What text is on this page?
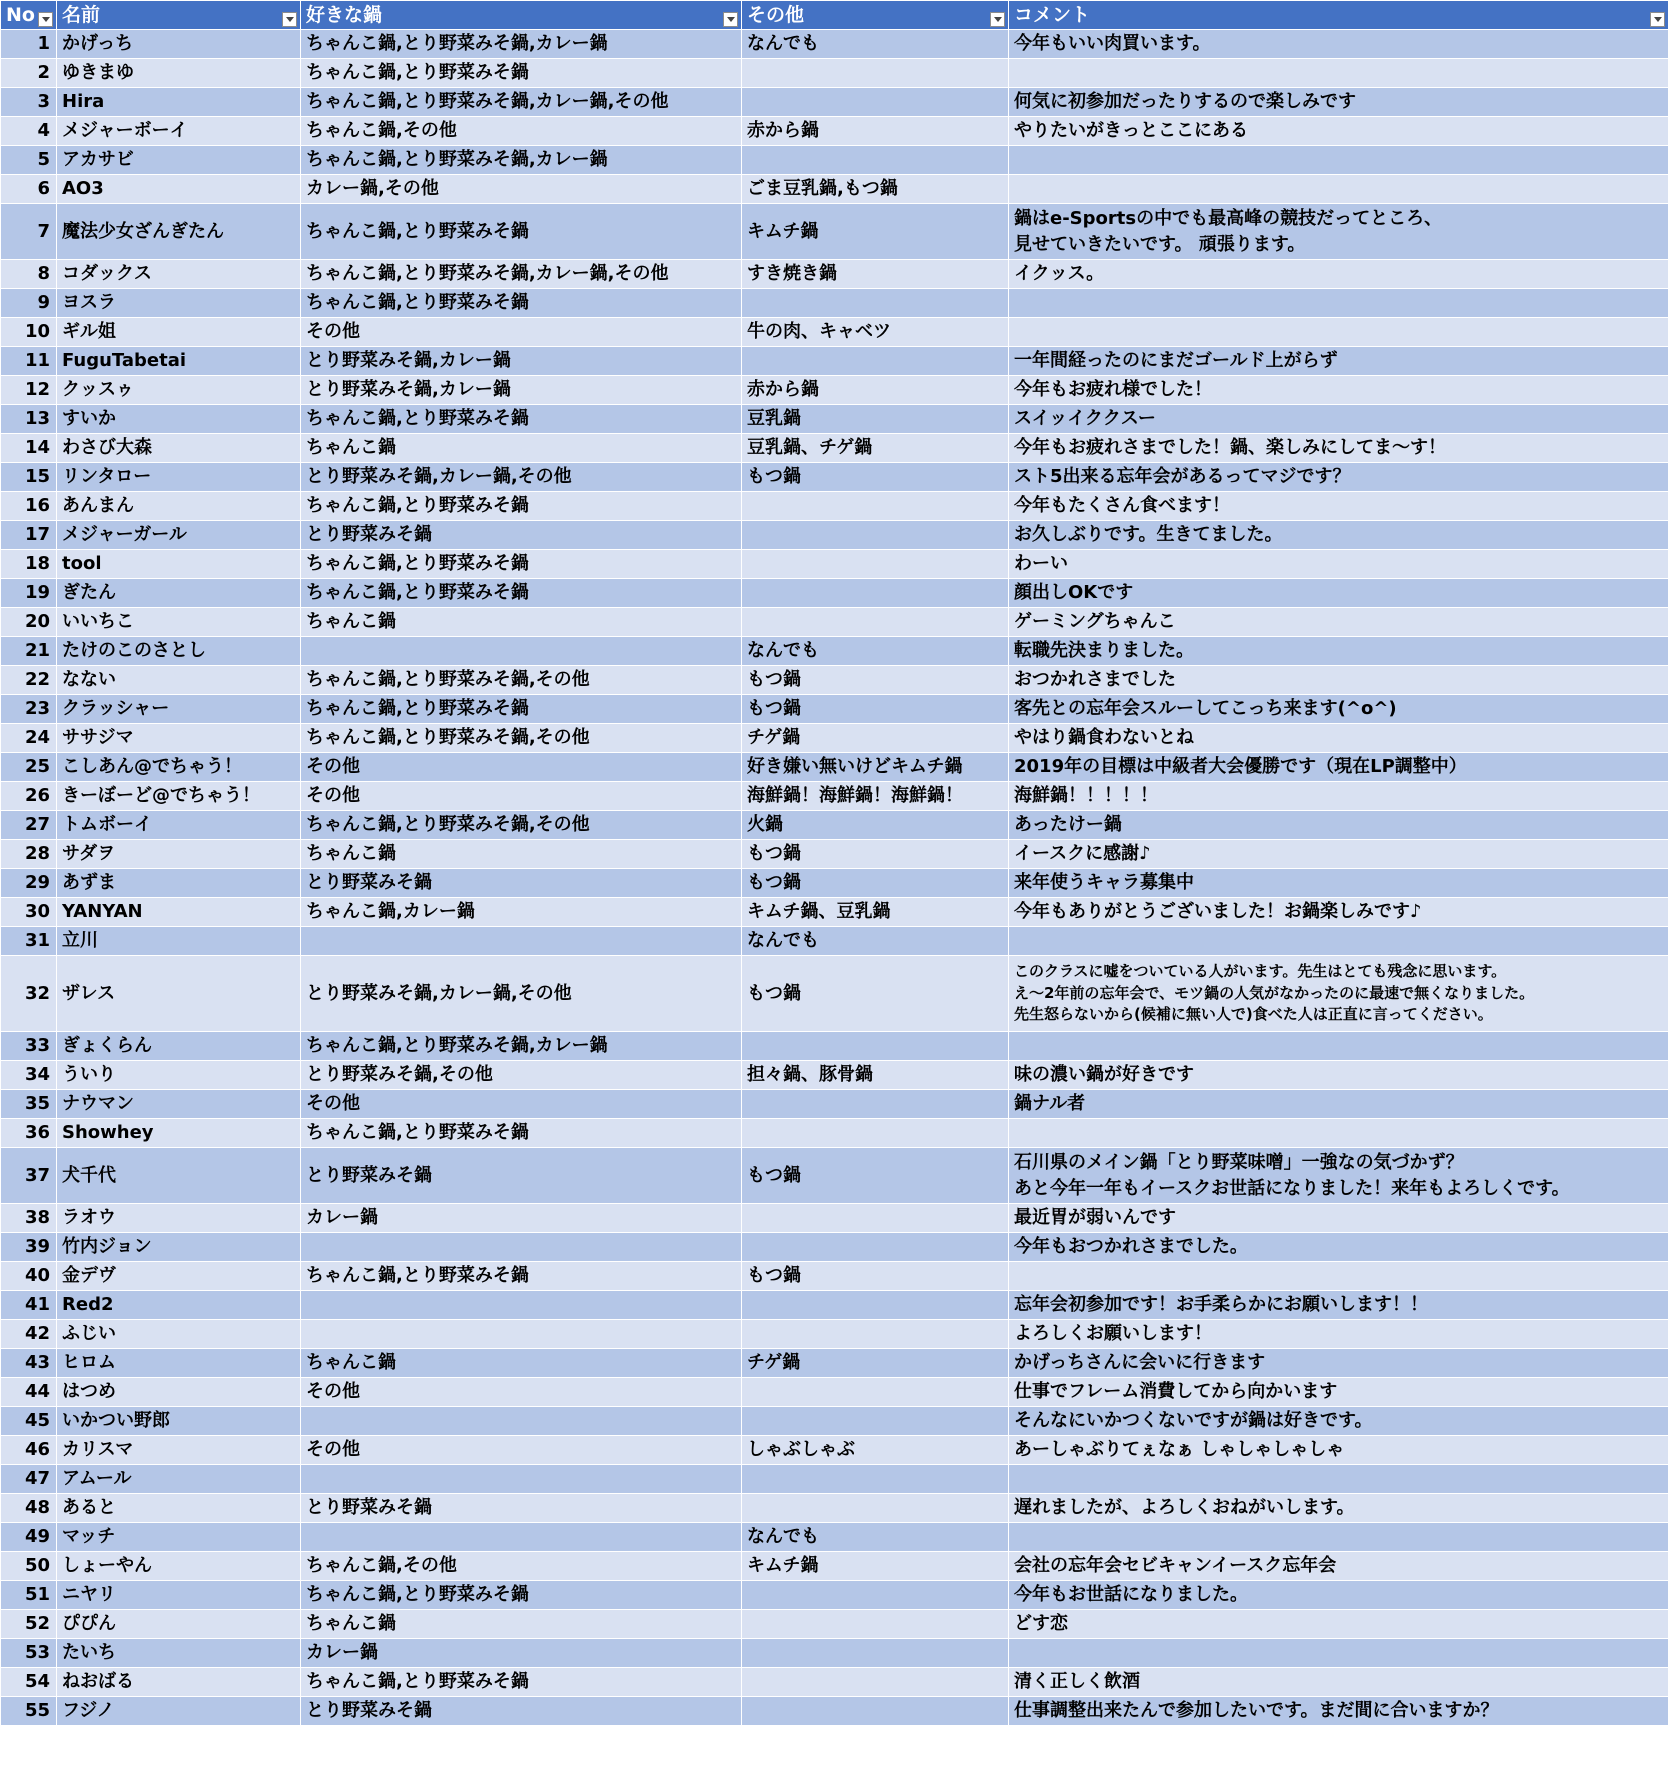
No	名前	好きな鍋	その他	コメント

1	かげっち	ちゃんこ鍋,とり野菜みそ鍋,カレー鍋	なんでも	今年もいい肉買います。

2	ゆきまゆ	ちゃんこ鍋,とり野菜みそ鍋		

3	Hira	ちゃんこ鍋,とり野菜みそ鍋,カレー鍋,その他		何気に初参加だったりするので楽しみです

4	メジャーボーイ	ちゃんこ鍋,その他	赤から鍋	やりたいがきっとここにある

5	アカサビ	ちゃんこ鍋,とり野菜みそ鍋,カレー鍋		

6	AO3	カレー鍋,その他	ごま豆乳鍋,もつ鍋	

7	魔法少女ざんぎたん	ちゃんこ鍋,とり野菜みそ鍋	キムチ鍋	鍋はe-Sportsの中でも最高峰の競技だってところ、
見せていきたいです。 頑張ります。

8	コダックス	ちゃんこ鍋,とり野菜みそ鍋,カレー鍋,その他	すき焼き鍋	イクッス。

9	ヨスラ	ちゃんこ鍋,とり野菜みそ鍋		

10	ギル姐	その他	牛の肉、キャベツ	

11	FuguTabetai	とり野菜みそ鍋,カレー鍋		一年間経ったのにまだゴールド上がらず

12	クッスゥ	とり野菜みそ鍋,カレー鍋	赤から鍋	今年もお疲れ様でした！

13	すいか	ちゃんこ鍋,とり野菜みそ鍋	豆乳鍋	スイッイククスー

14	わさび大森	ちゃんこ鍋	豆乳鍋、チゲ鍋	今年もお疲れさまでした！鍋、楽しみにしてま～す！

15	リンタロー	とり野菜みそ鍋,カレー鍋,その他	もつ鍋	スト5出来る忘年会があるってマジです？

16	あんまん	ちゃんこ鍋,とり野菜みそ鍋		今年もたくさん食べます！

17	メジャーガール	とり野菜みそ鍋		お久しぶりです。生きてました。

18	tool	ちゃんこ鍋,とり野菜みそ鍋		わーい

19	ぎたん	ちゃんこ鍋,とり野菜みそ鍋		顔出しOKです

20	いいちこ	ちゃんこ鍋		ゲーミングちゃんこ

21	たけのこのさとし		なんでも	転職先決まりました。

22	なない	ちゃんこ鍋,とり野菜みそ鍋,その他	もつ鍋	おつかれさまでした

23	クラッシャー	ちゃんこ鍋,とり野菜みそ鍋	もつ鍋	客先との忘年会スルーしてこっち来ます(^o^)

24	ササジマ	ちゃんこ鍋,とり野菜みそ鍋,その他	チゲ鍋	やはり鍋食わないとね

25	こしあん@でちゃう！	その他	好き嫌い無いけどキムチ鍋	2019年の目標は中級者大会優勝です（現在LP調整中）

26	きーぼーど@でちゃう！	その他	海鮮鍋！海鮮鍋！海鮮鍋！	海鮮鍋！！！！！

27	トムボーイ	ちゃんこ鍋,とり野菜みそ鍋,その他	火鍋	あったけー鍋

28	サダヲ	ちゃんこ鍋	もつ鍋	イースクに感謝♪

29	あずま	とり野菜みそ鍋	もつ鍋	来年使うキャラ募集中

30	YANYAN	ちゃんこ鍋,カレー鍋	キムチ鍋、豆乳鍋	今年もありがとうございました！お鍋楽しみです♪

31	立川		なんでも	

32	ザレス	とり野菜みそ鍋,カレー鍋,その他	もつ鍋	このクラスに嘘をついている人がいます。先生はとても残念に思います。
え～2年前の忘年会で、モツ鍋の人気がなかったのに最速で無くなりました。
先生怒らないから(候補に無い人で)食べた人は正直に言ってください。

33	ぎょくらん	ちゃんこ鍋,とり野菜みそ鍋,カレー鍋		

34	ういり	とり野菜みそ鍋,その他	担々鍋、豚骨鍋	味の濃い鍋が好きです

35	ナウマン	その他		鍋ナル者

36	Showhey	ちゃんこ鍋,とり野菜みそ鍋		

37	犬千代	とり野菜みそ鍋	もつ鍋	石川県のメイン鍋「とり野菜味噌」一強なの気づかず？
あと今年一年もイースクお世話になりました！来年もよろしくです。

38	ラオウ	カレー鍋		最近胃が弱いんです

39	竹内ジョン			今年もおつかれさまでした。

40	金デヴ	ちゃんこ鍋,とり野菜みそ鍋	もつ鍋	

41	Red2			忘年会初参加です！お手柔らかにお願いします！！

42	ふじい			よろしくお願いします！

43	ヒロム	ちゃんこ鍋	チゲ鍋	かげっちさんに会いに行きます

44	はつめ	その他		仕事でフレーム消費してから向かいます

45	いかつい野郎			そんなにいかつくないですが鍋は好きです。

46	カリスマ	その他	しゃぶしゃぶ	あーしゃぶりてぇなぁ しゃしゃしゃしゃ

47	アムール			

48	あると	とり野菜みそ鍋		遅れましたが、よろしくおねがいします。

49	マッチ		なんでも	

50	しょーやん	ちゃんこ鍋,その他	キムチ鍋	会社の忘年会セビキャンイースク忘年会

51	ニヤリ	ちゃんこ鍋,とり野菜みそ鍋		今年もお世話になりました。

52	ぴぴん	ちゃんこ鍋		どす恋

53	たいち	カレー鍋		

54	ねおばる	ちゃんこ鍋,とり野菜みそ鍋		清く正しく飲酒

55	フジノ	とり野菜みそ鍋		仕事調整出来たんで参加したいです。まだ間に合いますか？
